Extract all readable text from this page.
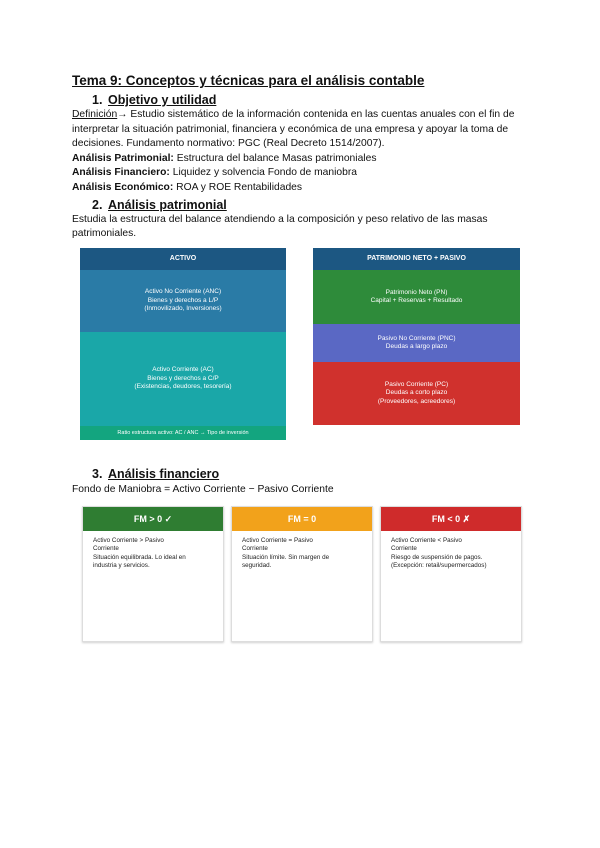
Tema 9: Conceptos y técnicas para el análisis contable
1. Objetivo y utilidad

Definición→ Estudio sistemático de la información contenida en las cuentas anuales con el fin de interpretar la situación patrimonial, financiera y económica de una empresa y apoyar la toma de decisiones. Fundamento normativo: PGC (Real Decreto 1514/2007).

Análisis Patrimonial: Estructura del balance Masas patrimoniales

Análisis Financiero: Liquidez y solvencia Fondo de maniobra

Análisis Económico: ROA y ROE Rentabilidades

2. Análisis patrimonial

Estudia la estructura del balance atendiendo a la composición y peso relativo de las masas patrimoniales.

ACTIVO
Activo No Corriente (ANC)
Bienes y derechos a L/P
(Inmovilizado, Inversiones)
Activo Corriente (AC)
Bienes y derechos a C/P
(Existencias, deudores, tesorería)
Ratio estructura activo: AC / ANC → Tipo de inversión
PATRIMONIO NETO + PASIVO
Patrimonio Neto (PN)
Capital + Reservas + Resultado
Pasivo No Corriente (PNC)
Deudas a largo plazo
Pasivo Corriente (PC)
Deudas a corto plazo
(Proveedores, acreedores)
3. Análisis financiero

Fondo de Maniobra = Activo Corriente − Pasivo Corriente

FM > 0 ✓
Activo Corriente > Pasivo
Corriente
Situación equilibrada. Lo ideal en
industria y servicios.
FM = 0
Activo Corriente = Pasivo
Corriente
Situación límite. Sin margen de
seguridad.
FM < 0 ✗
Activo Corriente < Pasivo
Corriente
Riesgo de suspensión de pagos.
(Excepción: retail/supermercados)
